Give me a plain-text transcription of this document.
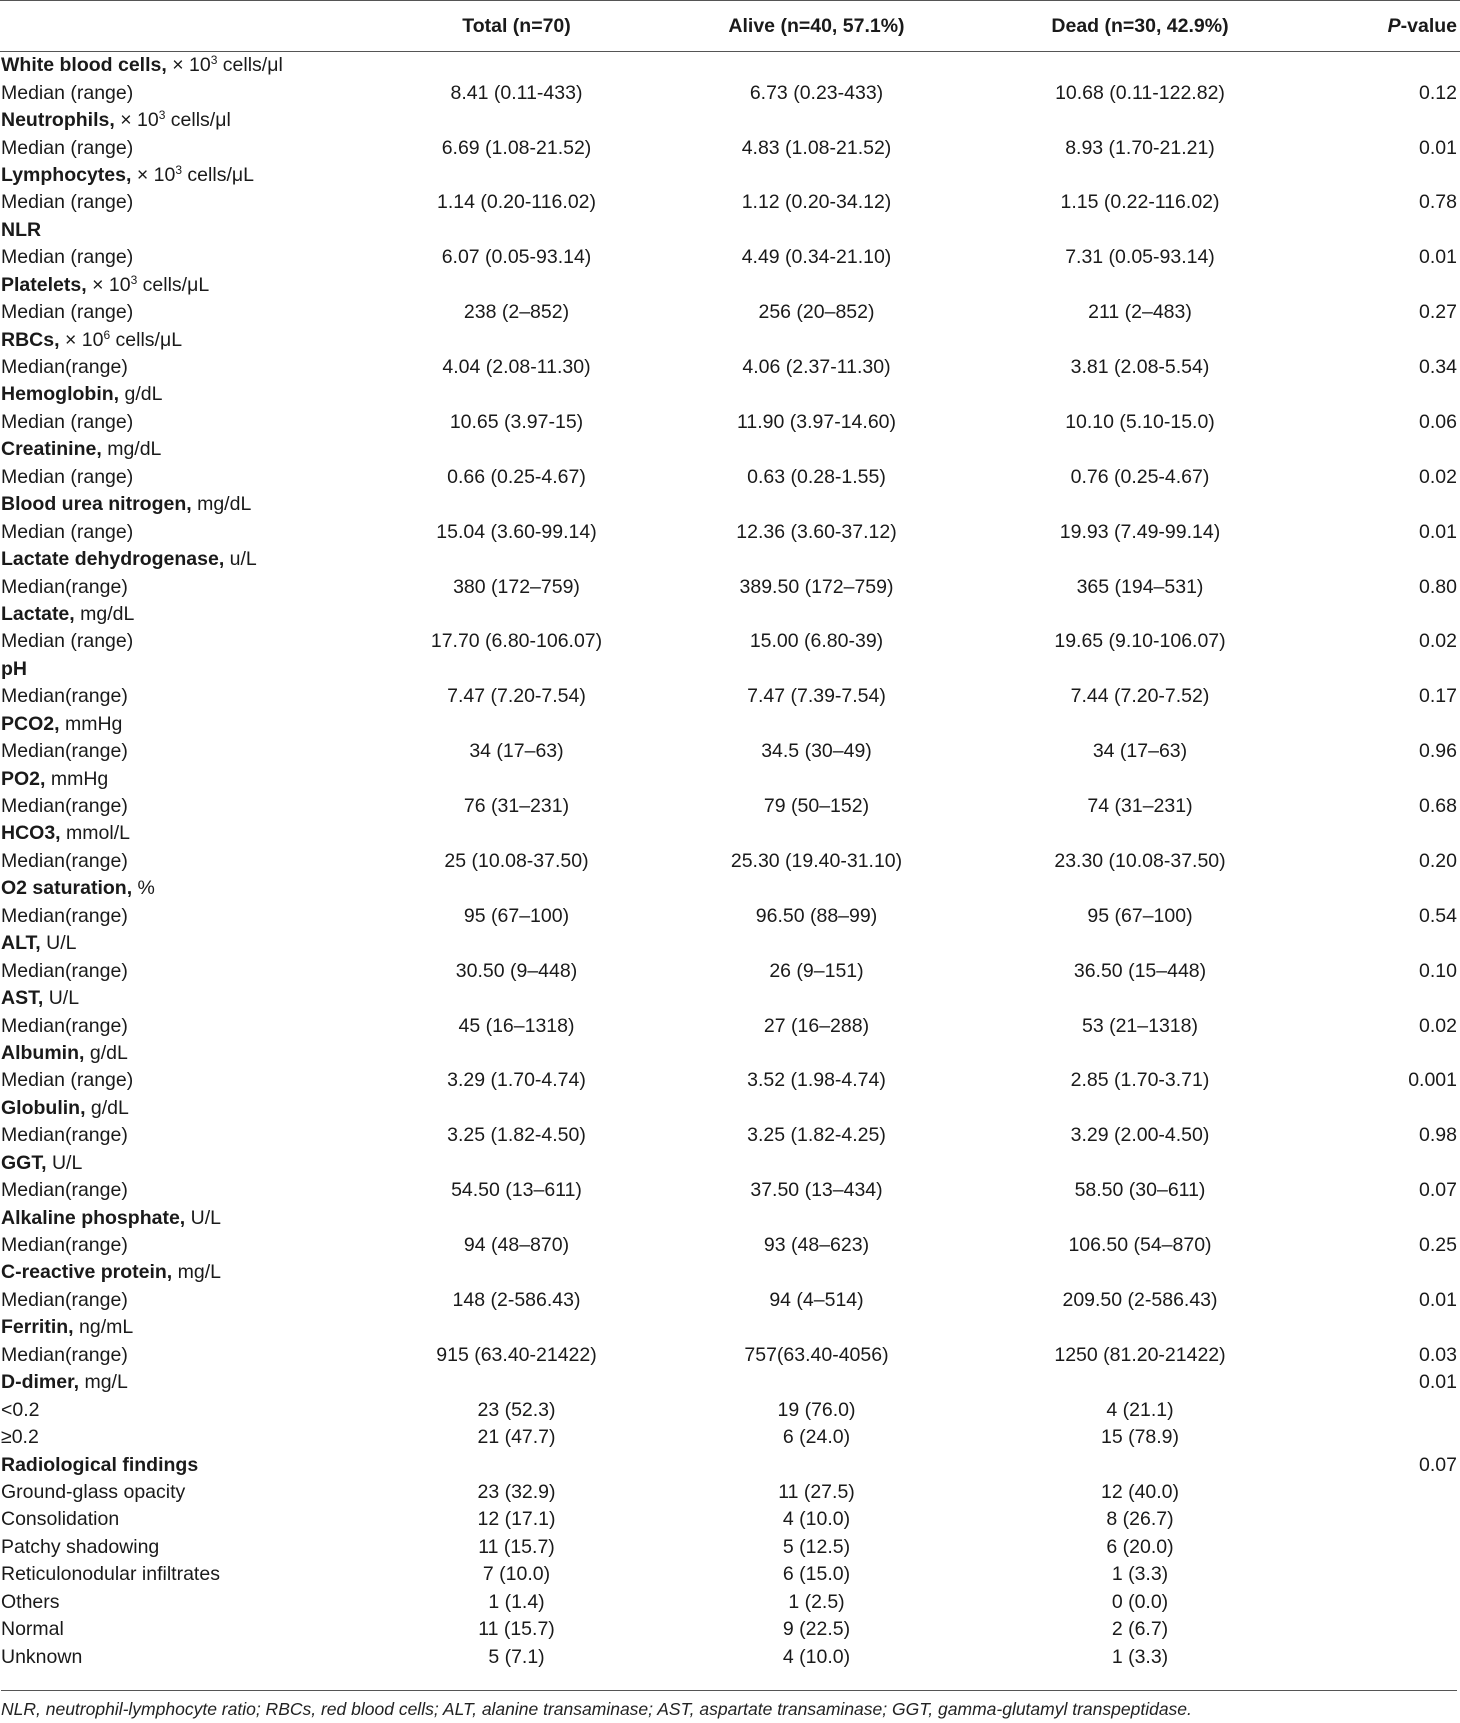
	Total (n=70)	Alive (n=40, 57.1%)	Dead (n=30, 42.9%)	P-value
White blood cells, × $10^3$ cells/μl				
Median (range)	8.41 (0.11-433)	6.73 (0.23-433)	10.68 (0.11-122.82)	0.12
Neutrophils, × $10^3$ cells/μl				
Median (range)	6.69 (1.08-21.52)	4.83 (1.08-21.52)	8.93 (1.70-21.21)	0.01
Lymphocytes, × $10^3$ cells/μL				
Median (range)	1.14 (0.20-116.02)	1.12 (0.20-34.12)	1.15 (0.22-116.02)	0.78
NLR				
Median (range)	6.07 (0.05-93.14)	4.49 (0.34-21.10)	7.31 (0.05-93.14)	0.01
Platelets, × $10^3$ cells/μL				
Median (range)	238 (2–852)	256 (20–852)	211 (2–483)	0.27
RBCs, × $10^6$ cells/μL				
Median(range)	4.04 (2.08-11.30)	4.06 (2.37-11.30)	3.81 (2.08-5.54)	0.34
Hemoglobin, g/dL				
Median (range)	10.65 (3.97-15)	11.90 (3.97-14.60)	10.10 (5.10-15.0)	0.06
Creatinine, mg/dL				
Median (range)	0.66 (0.25-4.67)	0.63 (0.28-1.55)	0.76 (0.25-4.67)	0.02
Blood urea nitrogen, mg/dL				
Median (range)	15.04 (3.60-99.14)	12.36 (3.60-37.12)	19.93 (7.49-99.14)	0.01
Lactate dehydrogenase, u/L				
Median(range)	380 (172–759)	389.50 (172–759)	365 (194–531)	0.80
Lactate, mg/dL				
Median (range)	17.70 (6.80-106.07)	15.00 (6.80-39)	19.65 (9.10-106.07)	0.02
pH				
Median(range)	7.47 (7.20-7.54)	7.47 (7.39-7.54)	7.44 (7.20-7.52)	0.17
PCO2, mmHg				
Median(range)	34 (17–63)	34.5 (30–49)	34 (17–63)	0.96
PO2, mmHg				
Median(range)	76 (31–231)	79 (50–152)	74 (31–231)	0.68
HCO3, mmol/L				
Median(range)	25 (10.08-37.50)	25.30 (19.40-31.10)	23.30 (10.08-37.50)	0.20
O2 saturation, %				
Median(range)	95 (67–100)	96.50 (88–99)	95 (67–100)	0.54
ALT, U/L				
Median(range)	30.50 (9–448)	26 (9–151)	36.50 (15–448)	0.10
AST, U/L				
Median(range)	45 (16–1318)	27 (16–288)	53 (21–1318)	0.02
Albumin, g/dL				
Median (range)	3.29 (1.70-4.74)	3.52 (1.98-4.74)	2.85 (1.70-3.71)	0.001
Globulin, g/dL				
Median(range)	3.25 (1.82-4.50)	3.25 (1.82-4.25)	3.29 (2.00-4.50)	0.98
GGT, U/L				
Median(range)	54.50 (13–611)	37.50 (13–434)	58.50 (30–611)	0.07
Alkaline phosphate, U/L				
Median(range)	94 (48–870)	93 (48–623)	106.50 (54–870)	0.25
C-reactive protein, mg/L				
Median(range)	148 (2-586.43)	94 (4–514)	209.50 (2-586.43)	0.01
Ferritin, ng/mL				
Median(range)	915 (63.40-21422)	757(63.40-4056)	1250 (81.20-21422)	0.03
D-dimer, mg/L				0.01
<0.2	23 (52.3)	19 (76.0)	4 (21.1)	
≥0.2	21 (47.7)	6 (24.0)	15 (78.9)	
Radiological findings				0.07
Ground-glass opacity	23 (32.9)	11 (27.5)	12 (40.0)	
Consolidation	12 (17.1)	4 (10.0)	8 (26.7)	
Patchy shadowing	11 (15.7)	5 (12.5)	6 (20.0)	
Reticulonodular infiltrates	7 (10.0)	6 (15.0)	1 (3.3)	
Others	1 (1.4)	1 (2.5)	0 (0.0)	
Normal	11 (15.7)	9 (22.5)	2 (6.7)	
Unknown	5 (7.1)	4 (10.0)	1 (3.3)	
NLR, neutrophil-lymphocyte ratio; RBCs, red blood cells; ALT, alanine transaminase; AST, aspartate transaminase; GGT, gamma-glutamyl transpeptidase.
